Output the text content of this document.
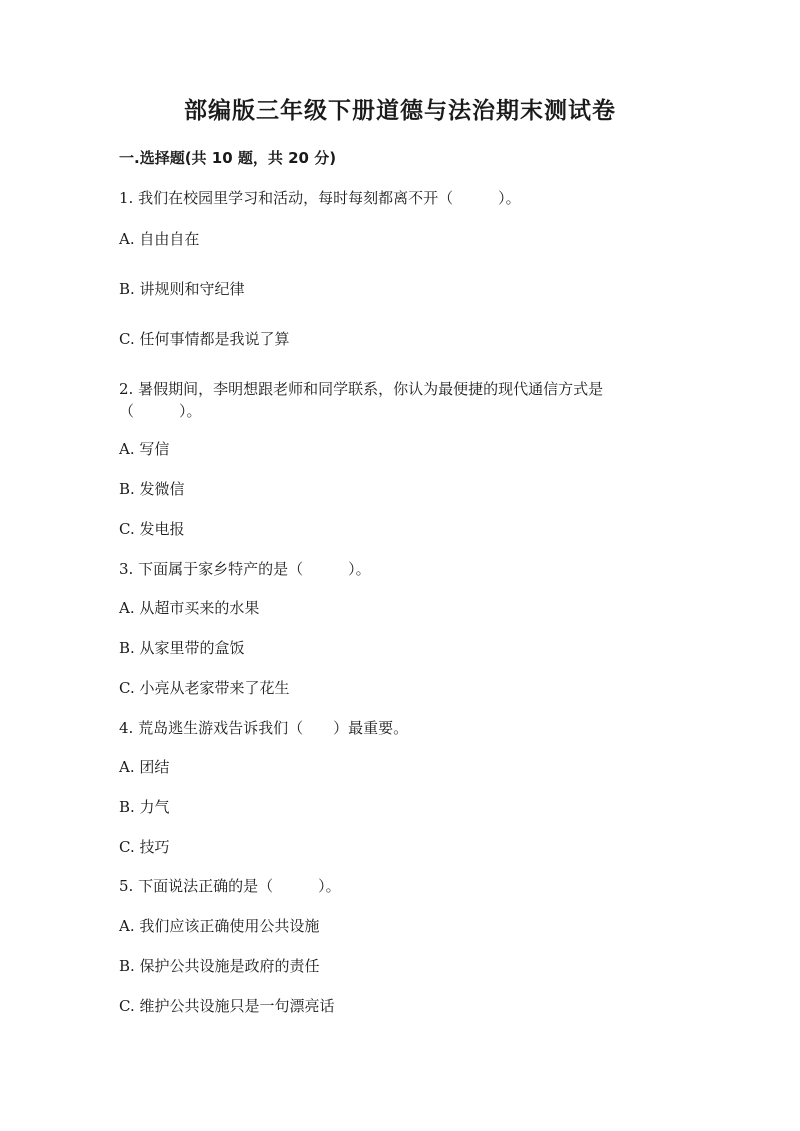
部编版三年级下册道德与法治期末测试卷
一.选择题(共 10 题，共 20 分)
1. 我们在校园里学习和活动，每时每刻都离不开（　　　）。
A. 自由自在
B. 讲规则和守纪律
C. 任何事情都是我说了算
2. 暑假期间，李明想跟老师和同学联系，你认为最便捷的现代通信方式是（　　　）。
A. 写信
B. 发微信
C. 发电报
3. 下面属于家乡特产的是（　　　）。
A. 从超市买来的水果
B. 从家里带的盒饭
C. 小亮从老家带来了花生
4. 荒岛逃生游戏告诉我们（　　）最重要。
A. 团结
B. 力气
C. 技巧
5. 下面说法正确的是（　　　）。
A. 我们应该正确使用公共设施
B. 保护公共设施是政府的责任
C. 维护公共设施只是一句漂亮话
